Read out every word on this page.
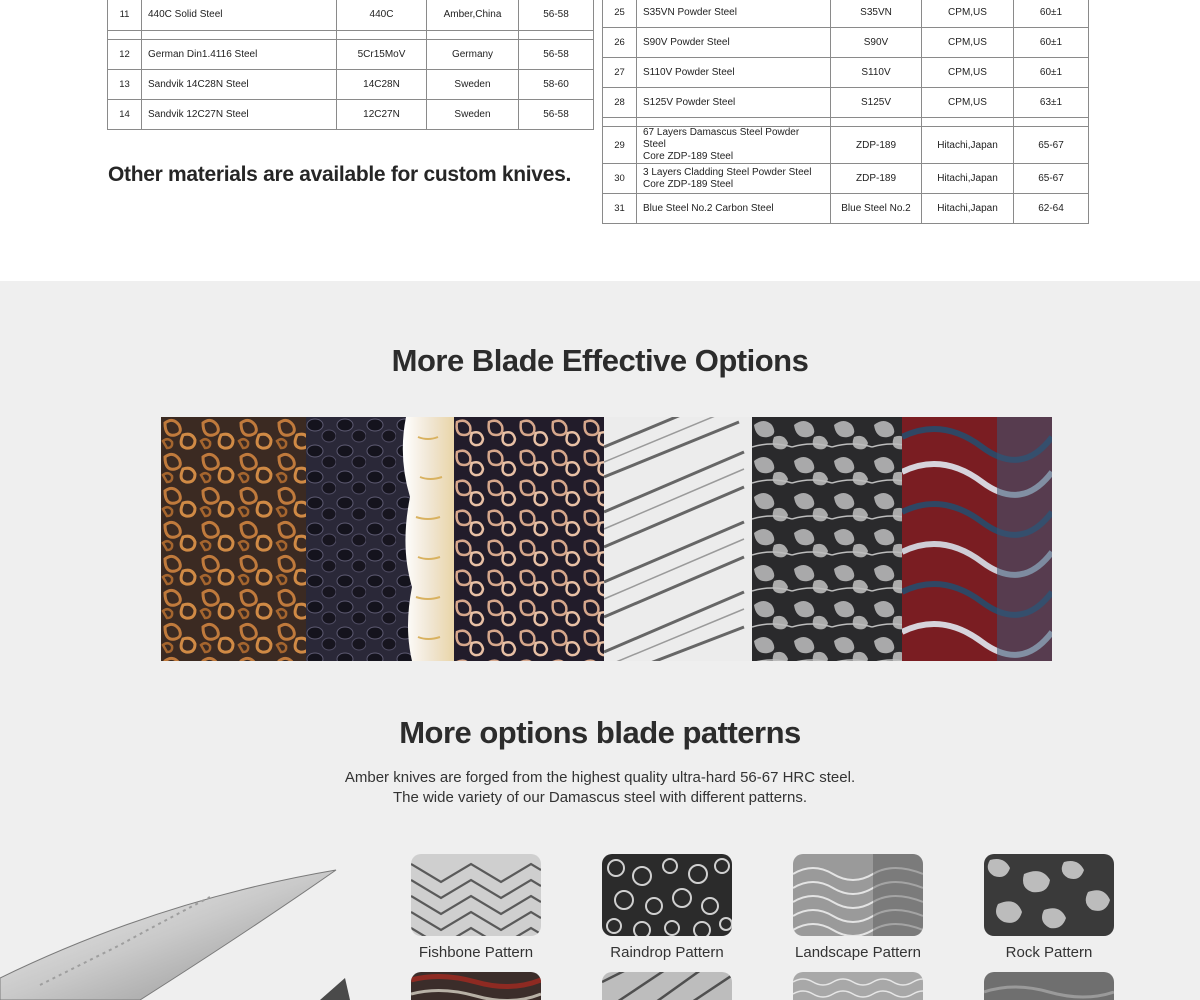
11	440C Solid Steel	440C	Amber,China	56-58

12	German Din1.4116 Steel	5Cr15MoV	Germany	56-58
13	Sandvik 14C28N Steel	14C28N	Sweden	58-60
14	Sandvik 12C27N Steel	12C27N	Sweden	56-58
Other materials are available for custom knives.
25	S35VN Powder Steel	S35VN	CPM,US	60±1
26	S90V Powder Steel	S90V	CPM,US	60±1
27	S110V Powder Steel	S110V	CPM,US	60±1
28	S125V Powder Steel	S125V	CPM,US	63±1

29	67 Layers Damascus Steel Powder Steel
Core ZDP-189 Steel	ZDP-189	Hitachi,Japan	65-67
30	3 Layers Cladding Steel Powder Steel
Core ZDP-189 Steel	ZDP-189	Hitachi,Japan	65-67
31	Blue Steel No.2 Carbon Steel	Blue Steel No.2	Hitachi,Japan	62-64
More Blade Effective Options
More options blade patterns
Amber knives are forged from the highest quality ultra-hard 56-67 HRC steel.
The wide variety of our Damascus steel with different patterns.
Fishbone Pattern	Raindrop Pattern	Landscape Pattern	Rock Pattern
